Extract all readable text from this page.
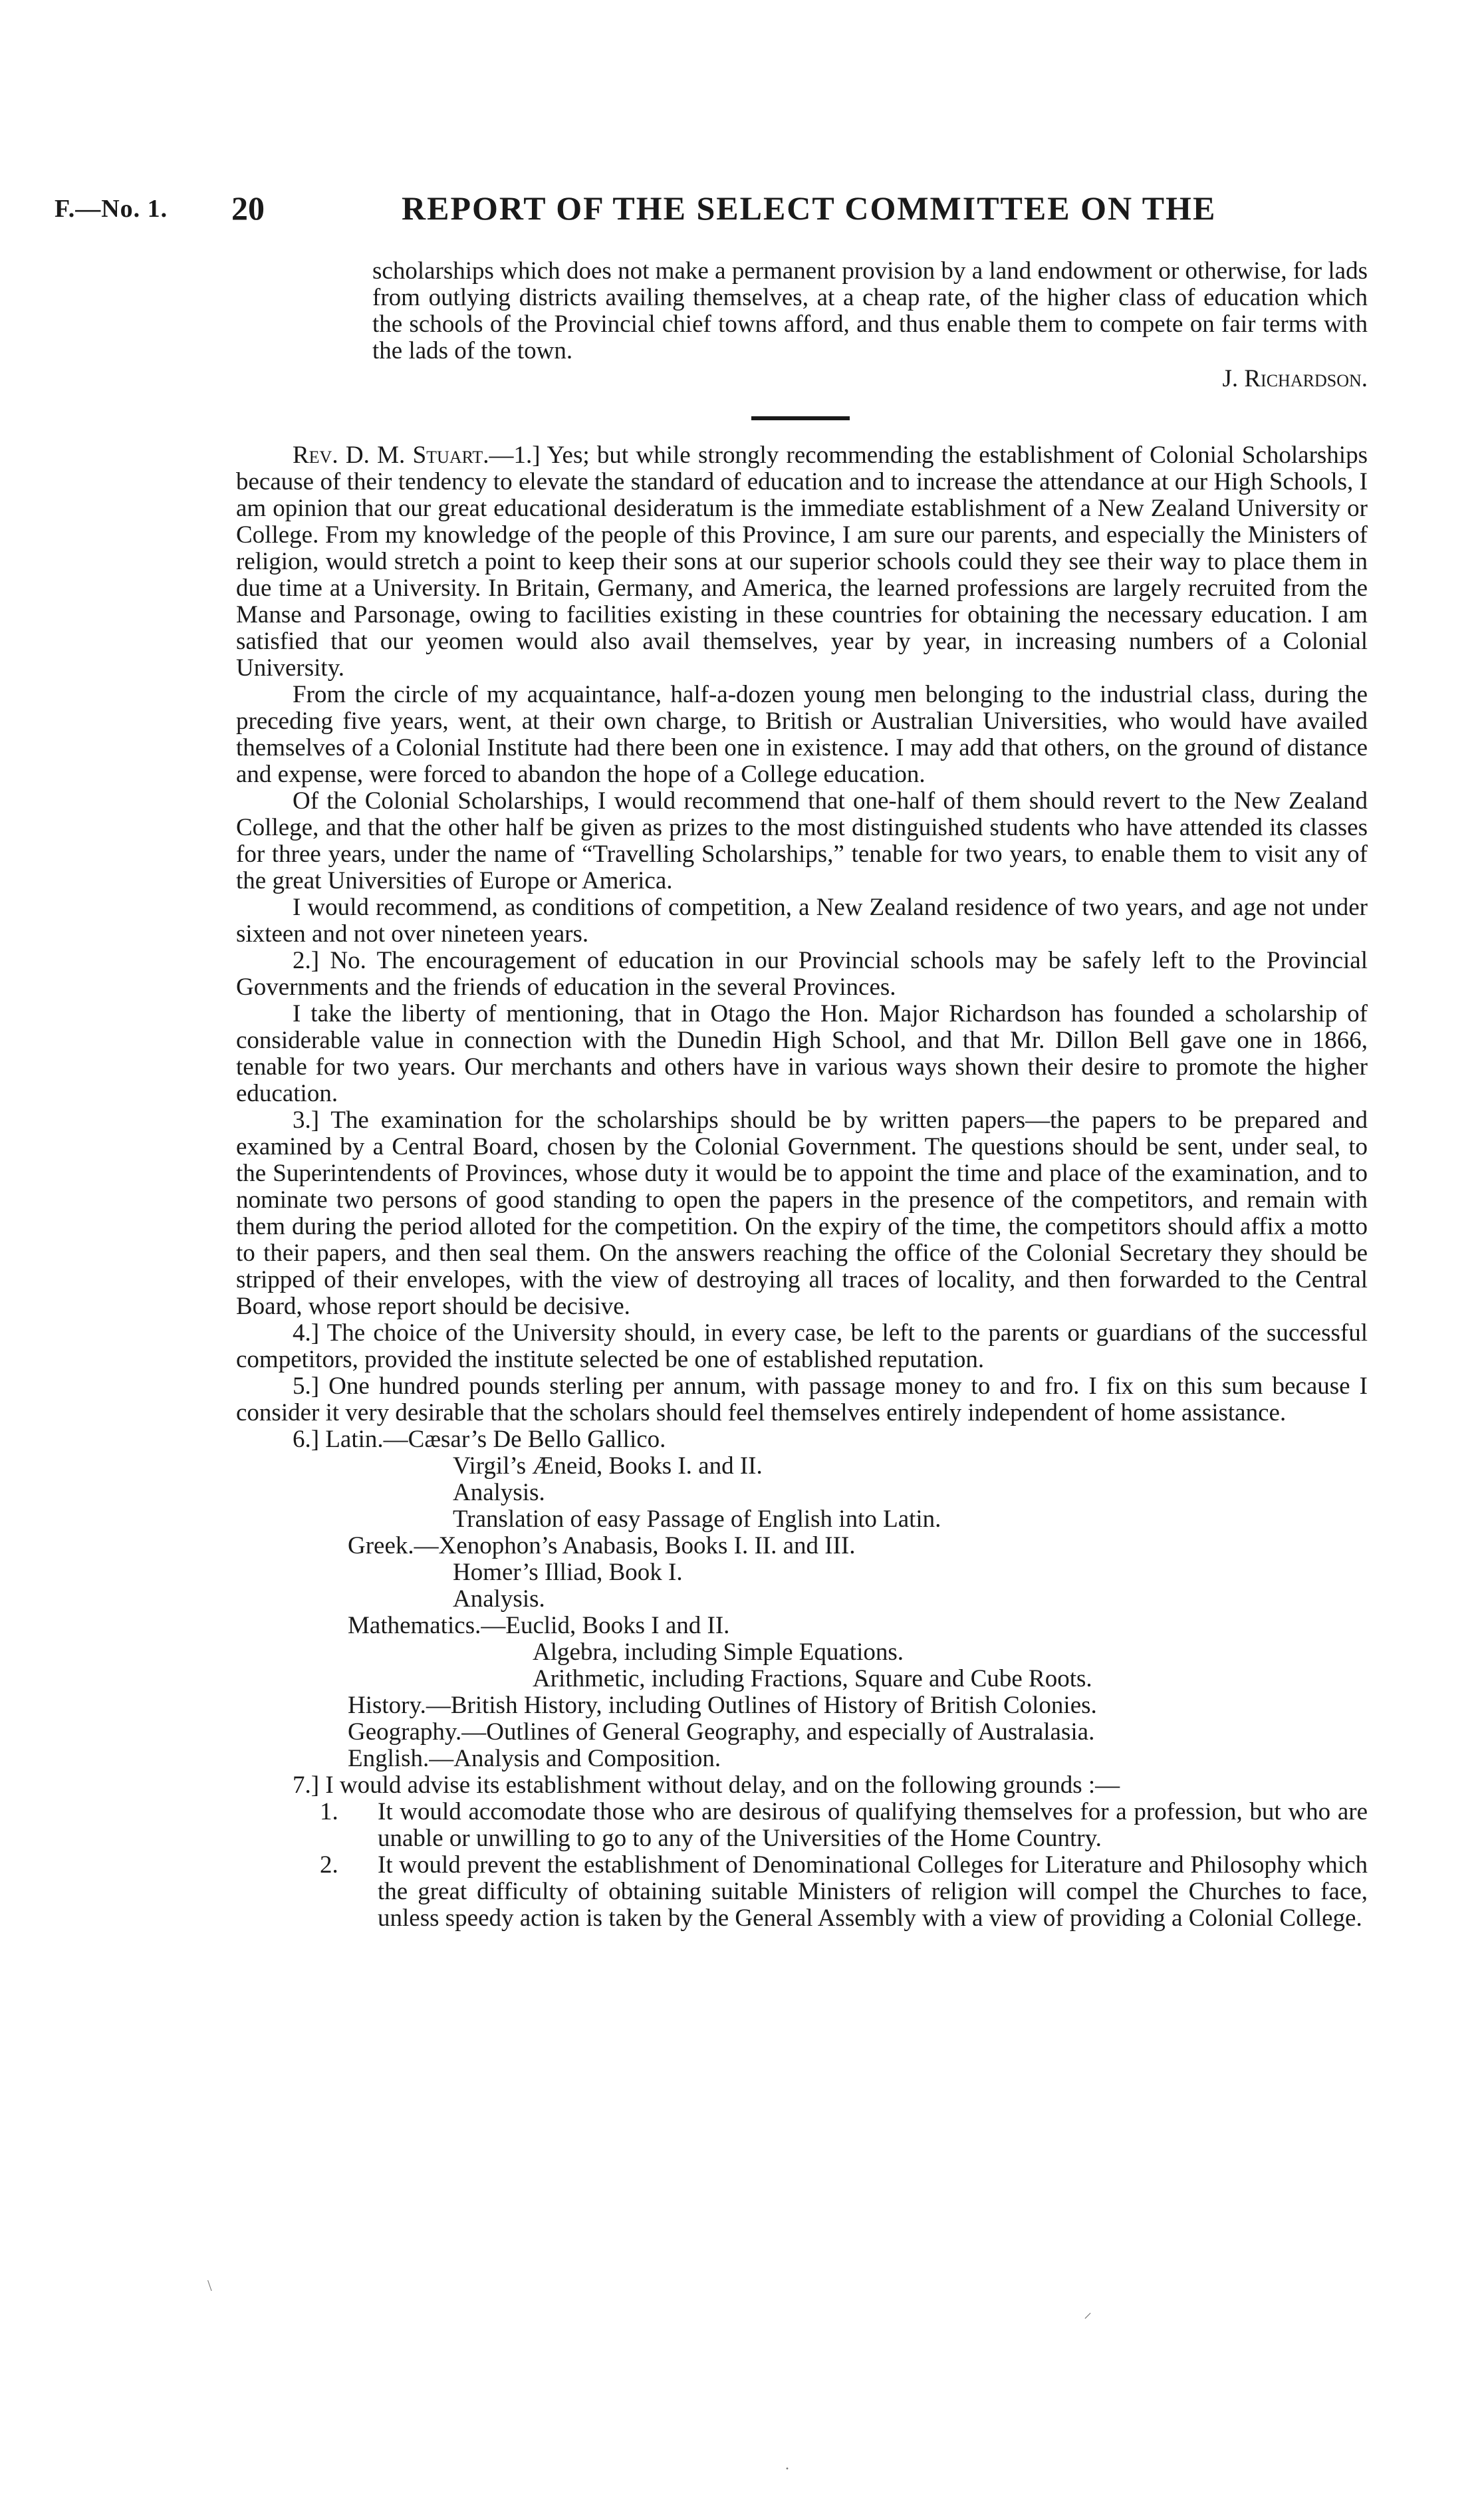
F.—No. 1. 20	REPORT OF THE SELECT COMMITTEE ON THE
scholarships which does not make a permanent provision by a land endowment or otherwise, for lads from outlying districts availing themselves, at a cheap rate, of the higher class of education which the schools of the Provincial chief towns afford, and thus enable them to compete on fair terms with the lads of the town.
J. Richardson.

Rev. D. M. Stuart.—1.] Yes; but while strongly recommending the establishment of Colonial Scholarships because of their tendency to elevate the standard of education and to increase the attendance at our High Schools, I am opinion that our great educational desideratum is the immediate establishment of a New Zealand University or College. From my knowledge of the people of this Province, I am sure our parents, and especially the Ministers of religion, would stretch a point to keep their sons at our superior schools could they see their way to place them in due time at a University. In Britain, Germany, and America, the learned professions are largely recruited from the Manse and Parsonage, owing to facilities existing in these countries for obtaining the necessary education. I am satisfied that our yeomen would also avail themselves, year by year, in increasing numbers of a Colonial University.

From the circle of my acquaintance, half-a-dozen young men belonging to the industrial class, during the preceding five years, went, at their own charge, to British or Australian Universities, who would have availed themselves of a Colonial Institute had there been one in existence. I may add that others, on the ground of distance and expense, were forced to abandon the hope of a College education.

Of the Colonial Scholarships, I would recommend that one-half of them should revert to the New Zealand College, and that the other half be given as prizes to the most distinguished students who have attended its classes for three years, under the name of “Travelling Scholarships,” tenable for two years, to enable them to visit any of the great Universities of Europe or America.

I would recommend, as conditions of competition, a New Zealand residence of two years, and age not under sixteen and not over nineteen years.

2.] No. The encouragement of education in our Provincial schools may be safely left to the Provincial Governments and the friends of education in the several Provinces.

I take the liberty of mentioning, that in Otago the Hon. Major Richardson has founded a scholarship of considerable value in connection with the Dunedin High School, and that Mr. Dillon Bell gave one in 1866, tenable for two years. Our merchants and others have in various ways shown their desire to promote the higher education.

3.] The examination for the scholarships should be by written papers—the papers to be prepared and examined by a Central Board, chosen by the Colonial Government. The questions should be sent, under seal, to the Superintendents of Provinces, whose duty it would be to appoint the time and place of the examination, and to nominate two persons of good standing to open the papers in the presence of the competitors, and remain with them during the period alloted for the competition. On the expiry of the time, the competitors should affix a motto to their papers, and then seal them. On the answers reaching the office of the Colonial Secretary they should be stripped of their envelopes, with the view of destroying all traces of locality, and then forwarded to the Central Board, whose report should be decisive.

4.] The choice of the University should, in every case, be left to the parents or guardians of the successful competitors, provided the institute selected be one of established reputation.

5.] One hundred pounds sterling per annum, with passage money to and fro. I fix on this sum because I consider it very desirable that the scholars should feel themselves entirely independent of home assistance.

6.] Latin.—Cæsar’s De Bello Gallico.
Virgil’s Æneid, Books I. and II.
Analysis.
Translation of easy Passage of English into Latin.
Greek.—Xenophon’s Anabasis, Books I. II. and III.
Homer’s Illiad, Book I.
Analysis.
Mathematics.—Euclid, Books I and II.
Algebra, including Simple Equations.
Arithmetic, including Fractions, Square and Cube Roots.
History.—British History, including Outlines of History of British Colonies.
Geography.—Outlines of General Geography, and especially of Australasia.
English.—Analysis and Composition.

7.] I would advise its establishment without delay, and on the following grounds :—

1. It would accomodate those who are desirous of qualifying themselves for a profession, but who are unable or unwilling to go to any of the Universities of the Home Country.

2. It would prevent the establishment of Denominational Colleges for Literature and Philosophy which the great difficulty of obtaining suitable Ministers of religion will compel the Churches to face, unless speedy action is taken by the General Assembly with a view of providing a Colonial College.

\
⸝
·
